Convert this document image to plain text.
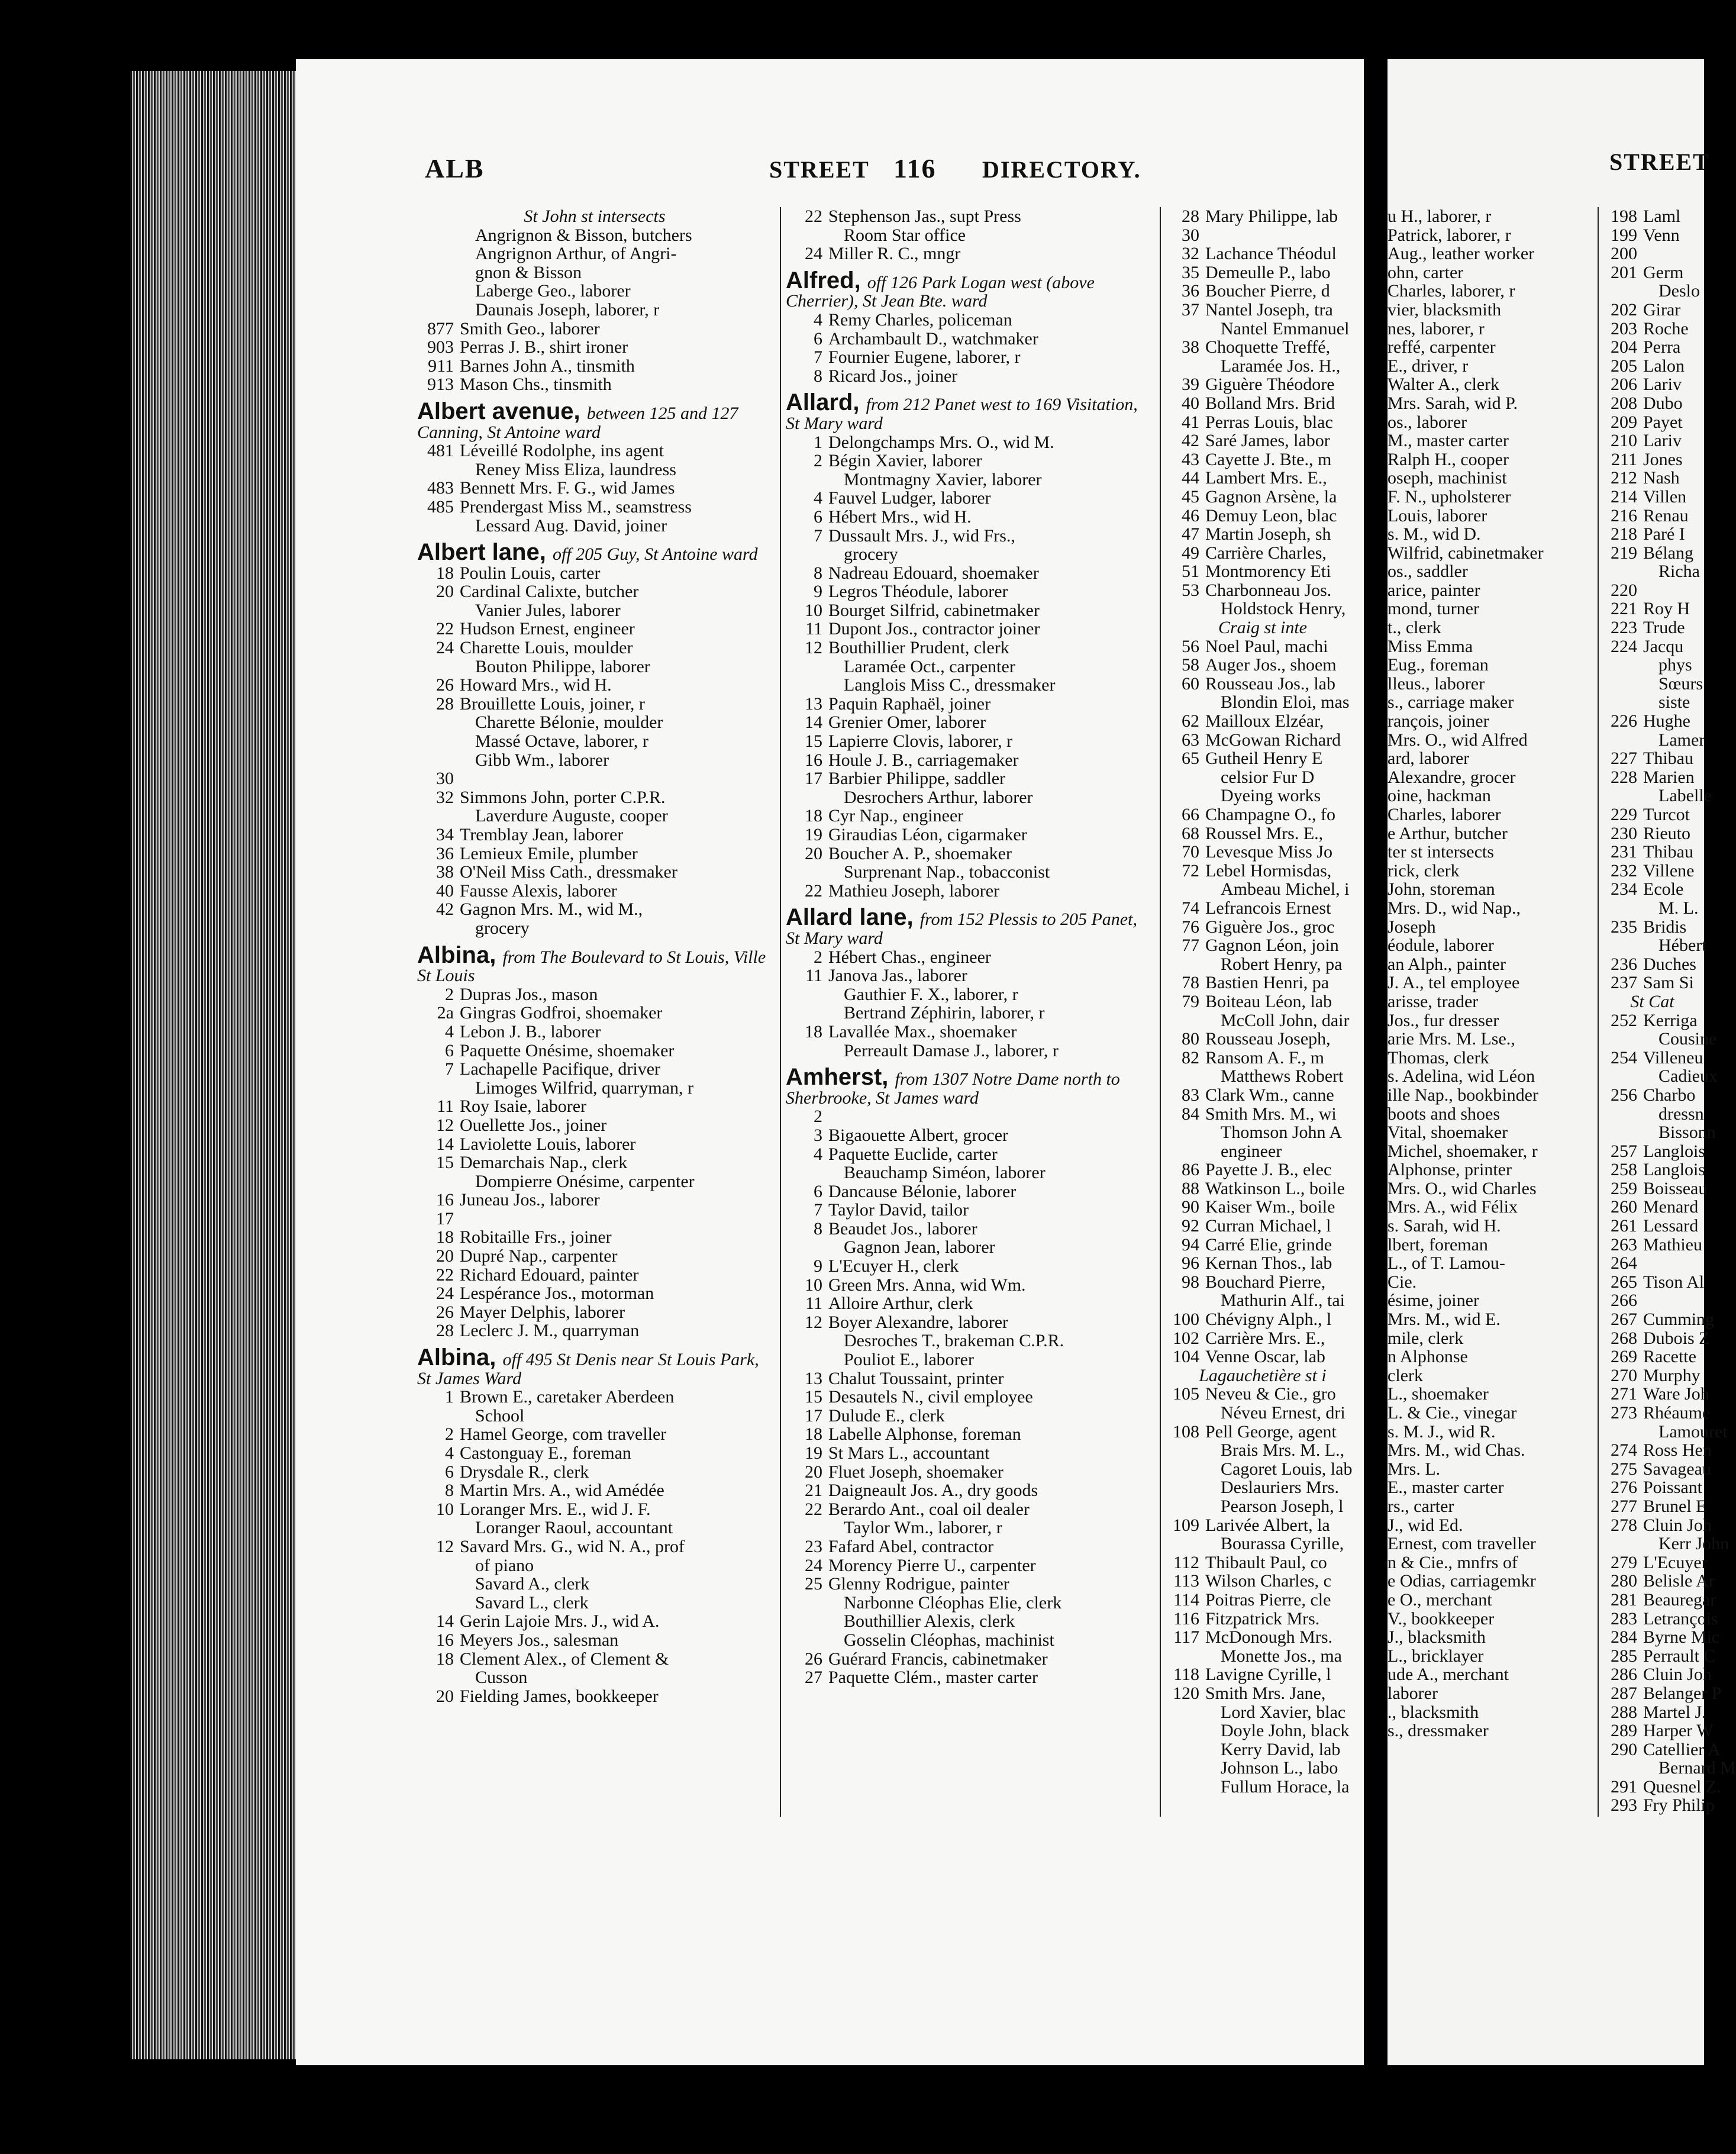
ALB	STREET 116 DIRECTORY.	STREET
St John st intersects
Angrignon & Bisson, butchers
Angrignon Arthur, of Angri-
gnon & Bisson
Laberge Geo., laborer
Daunais Joseph, laborer, r
877 Smith Geo., laborer
903 Perras J. B., shirt ironer
911 Barnes John A., tinsmith
913 Mason Chs., tinsmith
Albert avenue, between 125 and 127 Canning, St Antoine ward
481 Léveillé Rodolphe, ins agent
Reney Miss Eliza, laundress
483 Bennett Mrs. F. G., wid James
485 Prendergast Miss M., seamstress
Lessard Aug. David, joiner
Albert lane, off 205 Guy, St Antoine ward
18 Poulin Louis, carter
20 Cardinal Calixte, butcher
Vanier Jules, laborer
22 Hudson Ernest, engineer
24 Charette Louis, moulder
Bouton Philippe, laborer
26 Howard Mrs., wid H.
28 Brouillette Louis, joiner, r
Charette Bélonie, moulder
Massé Octave, laborer, r
Gibb Wm., laborer
30
32 Simmons John, porter C.P.R.
Laverdure Auguste, cooper
34 Tremblay Jean, laborer
36 Lemieux Emile, plumber
38 O'Neil Miss Cath., dressmaker
40 Fausse Alexis, laborer
42 Gagnon Mrs. M., wid M.,
grocery
Albina, from The Boulevard to St Louis, Ville St Louis
2 Dupras Jos., mason
2a Gingras Godfroi, shoemaker
4 Lebon J. B., laborer
6 Paquette Onésime, shoemaker
7 Lachapelle Pacifique, driver
Limoges Wilfrid, quarryman, r
11 Roy Isaie, laborer
12 Ouellette Jos., joiner
14 Laviolette Louis, laborer
15 Demarchais Nap., clerk
Dompierre Onésime, carpenter
16 Juneau Jos., laborer
17
18 Robitaille Frs., joiner
20 Dupré Nap., carpenter
22 Richard Edouard, painter
24 Lespérance Jos., motorman
26 Mayer Delphis, laborer
28 Leclerc J. M., quarryman
Albina, off 495 St Denis near St Louis Park, St James Ward
1 Brown E., caretaker Aberdeen
School
2 Hamel George, com traveller
4 Castonguay E., foreman
6 Drysdale R., clerk
8 Martin Mrs. A., wid Amédée
10 Loranger Mrs. E., wid J. F.
Loranger Raoul, accountant
12 Savard Mrs. G., wid N. A., prof
of piano
Savard A., clerk
Savard L., clerk
14 Gerin Lajoie Mrs. J., wid A.
16 Meyers Jos., salesman
18 Clement Alex., of Clement &
Cusson
20 Fielding James, bookkeeper
22 Stephenson Jas., supt Press
Room Star office
24 Miller R. C., mngr
Alfred, off 126 Park Logan west (above Cherrier), St Jean Bte. ward
4 Remy Charles, policeman
6 Archambault D., watchmaker
7 Fournier Eugene, laborer, r
8 Ricard Jos., joiner
Allard, from 212 Panet west to 169 Visitation, St Mary ward
1 Delongchamps Mrs. O., wid M.
2 Bégin Xavier, laborer
Montmagny Xavier, laborer
4 Fauvel Ludger, laborer
6 Hébert Mrs., wid H.
7 Dussault Mrs. J., wid Frs.,
grocery
8 Nadreau Edouard, shoemaker
9 Legros Théodule, laborer
10 Bourget Silfrid, cabinetmaker
11 Dupont Jos., contractor joiner
12 Bouthillier Prudent, clerk
Laramée Oct., carpenter
Langlois Miss C., dressmaker
13 Paquin Raphaël, joiner
14 Grenier Omer, laborer
15 Lapierre Clovis, laborer, r
16 Houle J. B., carriagemaker
17 Barbier Philippe, saddler
Desrochers Arthur, laborer
18 Cyr Nap., engineer
19 Giraudias Léon, cigarmaker
20 Boucher A. P., shoemaker
Surprenant Nap., tobacconist
22 Mathieu Joseph, laborer
Allard lane, from 152 Plessis to 205 Panet, St Mary ward
2 Hébert Chas., engineer
11 Janova Jas., laborer
Gauthier F. X., laborer, r
Bertrand Zéphirin, laborer, r
18 Lavallée Max., shoemaker
Perreault Damase J., laborer, r
Amherst, from 1307 Notre Dame north to Sherbrooke, St James ward
2
3 Bigaouette Albert, grocer
4 Paquette Euclide, carter
Beauchamp Siméon, laborer
6 Dancause Bélonie, laborer
7 Taylor David, tailor
8 Beaudet Jos., laborer
Gagnon Jean, laborer
9 L'Ecuyer H., clerk
10 Green Mrs. Anna, wid Wm.
11 Alloire Arthur, clerk
12 Boyer Alexandre, laborer
Desroches T., brakeman C.P.R.
Pouliot E., laborer
13 Chalut Toussaint, printer
15 Desautels N., civil employee
17 Dulude E., clerk
18 Labelle Alphonse, foreman
19 St Mars L., accountant
20 Fluet Joseph, shoemaker
21 Daigneault Jos. A., dry goods
22 Berardo Ant., coal oil dealer
Taylor Wm., laborer, r
23 Fafard Abel, contractor
24 Morency Pierre U., carpenter
25 Glenny Rodrigue, painter
Narbonne Cléophas Elie, clerk
Bouthillier Alexis, clerk
Gosselin Cléophas, machinist
26 Guérard Francis, cabinetmaker
27 Paquette Clém., master carter
28 Mary Philippe, lab
30
32 Lachance Théodul
35 Demeulle P., labo
36 Boucher Pierre, d
37 Nantel Joseph, tra
Nantel Emmanuel
38 Choquette Treffé,
Laramée Jos. H.,
39 Giguère Théodore
40 Bolland Mrs. Brid
41 Perras Louis, blac
42 Saré James, labor
43 Cayette J. Bte., m
44 Lambert Mrs. E.,
45 Gagnon Arsène, la
46 Demuy Leon, blac
47 Martin Joseph, sh
49 Carrière Charles,
51 Montmorency Eti
53 Charbonneau Jos.
Holdstock Henry,
Craig st inte
56 Noel Paul, machi
58 Auger Jos., shoem
60 Rousseau Jos., lab
Blondin Eloi, mas
62 Mailloux Elzéar,
63 McGowan Richard
65 Gutheil Henry E
celsior Fur D
Dyeing works
66 Champagne O., fo
68 Roussel Mrs. E.,
70 Levesque Miss Jo
72 Lebel Hormisdas,
Ambeau Michel, i
74 Lefrancois Ernest
76 Giguère Jos., groc
77 Gagnon Léon, join
Robert Henry, pa
78 Bastien Henri, pa
79 Boiteau Léon, lab
McColl John, dair
80 Rousseau Joseph,
82 Ransom A. F., m
Matthews Robert
83 Clark Wm., canne
84 Smith Mrs. M., wi
Thomson John A
engineer
86 Payette J. B., elec
88 Watkinson L., boile
90 Kaiser Wm., boile
92 Curran Michael, l
94 Carré Elie, grinde
96 Kernan Thos., lab
98 Bouchard Pierre,
Mathurin Alf., tai
100 Chévigny Alph., l
102 Carrière Mrs. E.,
104 Venne Oscar, lab
Lagauchetière st i
105 Neveu & Cie., gro
Néveu Ernest, dri
108 Pell George, agent
Brais Mrs. M. L.,
Cagoret Louis, lab
Deslauriers Mrs.
Pearson Joseph, l
109 Larivée Albert, la
Bourassa Cyrille,
112 Thibault Paul, co
113 Wilson Charles, c
114 Poitras Pierre, cle
116 Fitzpatrick Mrs.
117 McDonough Mrs.
Monette Jos., ma
118 Lavigne Cyrille, l
120 Smith Mrs. Jane,
Lord Xavier, blac
Doyle John, black
Kerry David, lab
Johnson L., labo
Fullum Horace, la
u H., laborer, r
Patrick, laborer, r
Aug., leather worker
ohn, carter
Charles, laborer, r
vier, blacksmith
nes, laborer, r
reffé, carpenter
E., driver, r
Walter A., clerk
Mrs. Sarah, wid P.
os., laborer
M., master carter
Ralph H., cooper
oseph, machinist
F. N., upholsterer
Louis, laborer
s. M., wid D.
Wilfrid, cabinetmaker
os., saddler
arice, painter
mond, turner
t., clerk
Miss Emma
Eug., foreman
lleus., laborer
s., carriage maker
rançois, joiner
Mrs. O., wid Alfred
ard, laborer
Alexandre, grocer
oine, hackman
Charles, laborer
e Arthur, butcher
ter st intersects
rick, clerk
John, storeman
Mrs. D., wid Nap.,
Joseph
éodule, laborer
an Alph., painter
J. A., tel employee
arisse, trader
Jos., fur dresser
arie Mrs. M. Lse.,
Thomas, clerk
s. Adelina, wid Léon
ille Nap., bookbinder
boots and shoes
Vital, shoemaker
Michel, shoemaker, r
Alphonse, printer
Mrs. O., wid Charles
Mrs. A., wid Félix
s. Sarah, wid H.
lbert, foreman
L., of T. Lamou-
Cie.
ésime, joiner
Mrs. M., wid E.
mile, clerk
n Alphonse
clerk
L., shoemaker
L. & Cie., vinegar
s. M. J., wid R.
Mrs. M., wid Chas.
Mrs. L.
E., master carter
rs., carter
J., wid Ed.
Ernest, com traveller
n & Cie., mnfrs of
e Odias, carriagemkr
e O., merchant
V., bookkeeper
J., blacksmith
L., bricklayer
ude A., merchant
laborer
., blacksmith
s., dressmaker
198 Laml
199 Venn
200
201 Germ
Deslo
202 Girar
203 Roche
204 Perra
205 Lalon
206 Lariv
208 Dubo
209 Payet
210 Lariv
211 Jones
212 Nash
214 Villen
216 Renau
218 Paré I
219 Bélang
Richa
220
221 Roy H
223 Trude
224 Jacqu
phys
Sœurs
siste
226 Hughe
Lamer
227 Thibau
228 Marien
Labelle
229 Turcot
230 Rieuto
231 Thibau
232 Villene
234 Ecole
M. L.
235 Bridis
Hébert
236 Duches
237 Sam Si
St Cat
252 Kerriga
Cousine
254 Villeneu
Cadieux
256 Charbo
dressn
Bissonn
257 Langlois
258 Langlois
259 Boisseau
260 Menard
261 Lessard
263 Mathieu
264
265 Tison Al
266
267 Cumming
268 Dubois Z
269 Racette
270 Murphy
271 Ware Joh
273 Rhéaume
Lamouret
274 Ross Hen
275 Savageau
276 Poissant
277 Brunel E
278 Cluin Joh
Kerr John
279 L'Ecuyer
280 Belisle Ar
281 Beauregar
283 Letrançois
284 Byrne Mic
285 Perrault C
286 Cluin Joh
287 Belanger P
288 Martel J.
289 Harper W
290 Catellier A
Bernard M
291 Quesnel Z.
293 Fry Philip
